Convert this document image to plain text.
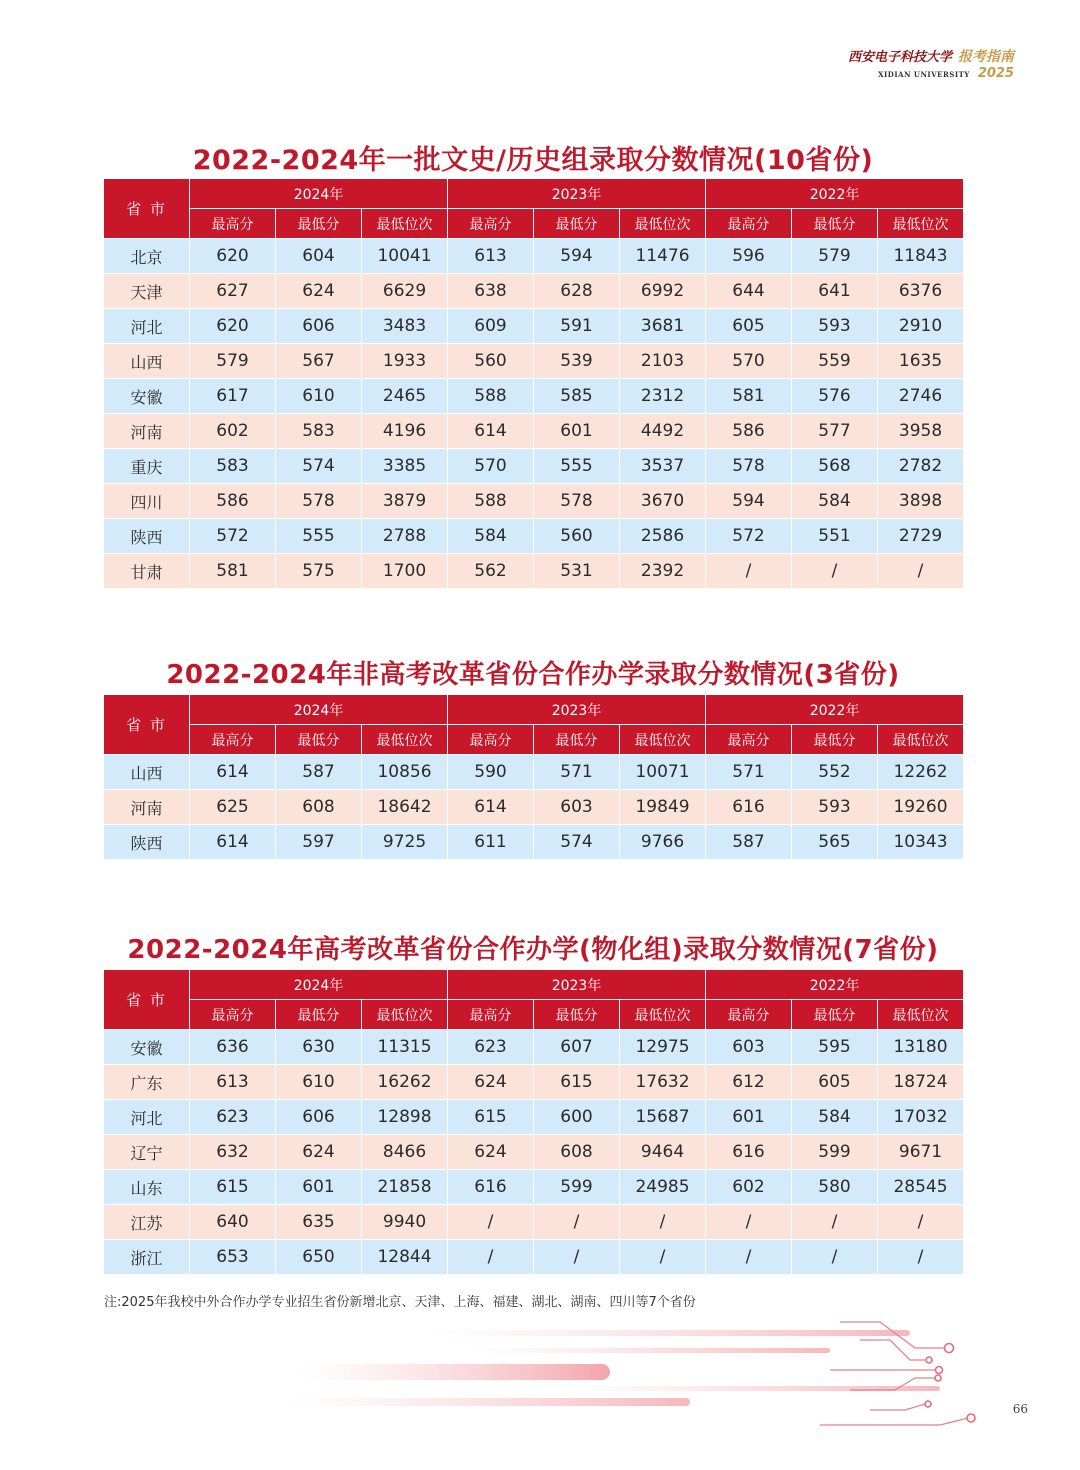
西安电子科技大学 报考指南
XIDIAN UNIVERSITY 2025
2022-2024年一批文史/历史组录取分数情况(10省份)
2022-2024年非高考改革省份合作办学录取分数情况(3省份)
2022-2024年高考改革省份合作办学(物化组)录取分数情况(7省份)
省 市	2024年			2023年			2022年		
	最高分	最低分	最低位次	最高分	最低分	最低位次	最高分	最低分	最低位次
北京	620	604	10041	613	594	11476	596	579	11843
天津	627	624	6629	638	628	6992	644	641	6376
河北	620	606	3483	609	591	3681	605	593	2910
山西	579	567	1933	560	539	2103	570	559	1635
安徽	617	610	2465	588	585	2312	581	576	2746
河南	602	583	4196	614	601	4492	586	577	3958
重庆	583	574	3385	570	555	3537	578	568	2782
四川	586	578	3879	588	578	3670	594	584	3898
陕西	572	555	2788	584	560	2586	572	551	2729
甘肃	581	575	1700	562	531	2392	/	/	/
省 市	2024年			2023年			2022年		
	最高分	最低分	最低位次	最高分	最低分	最低位次	最高分	最低分	最低位次
山西	614	587	10856	590	571	10071	571	552	12262
河南	625	608	18642	614	603	19849	616	593	19260
陕西	614	597	9725	611	574	9766	587	565	10343
省 市	2024年			2023年			2022年		
	最高分	最低分	最低位次	最高分	最低分	最低位次	最高分	最低分	最低位次
安徽	636	630	11315	623	607	12975	603	595	13180
广东	613	610	16262	624	615	17632	612	605	18724
河北	623	606	12898	615	600	15687	601	584	17032
辽宁	632	624	8466	624	608	9464	616	599	9671
山东	615	601	21858	616	599	24985	602	580	28545
江苏	640	635	9940	/	/	/	/	/	/
浙江	653	650	12844	/	/	/	/	/	/
注:2025年我校中外合作办学专业招生省份新增北京、天津、上海、福建、湖北、湖南、四川等7个省份
66
